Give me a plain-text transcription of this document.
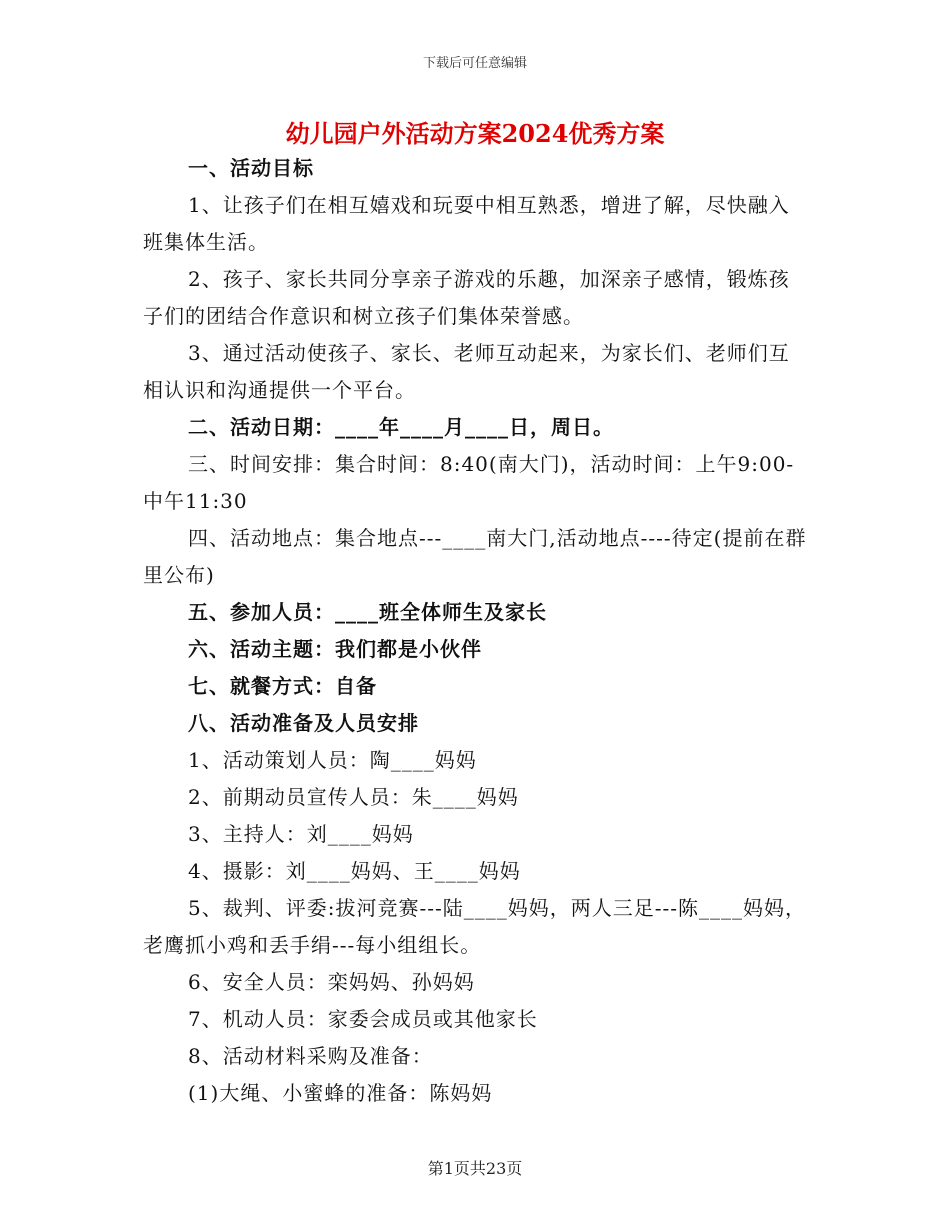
下载后可任意编辑
幼儿园户外活动方案2024优秀方案

一、活动目标

1、让孩子们在相互嬉戏和玩耍中相互熟悉，增进了解，尽快融入班集体生活。

2、孩子、家长共同分享亲子游戏的乐趣，加深亲子感情，锻炼孩子们的团结合作意识和树立孩子们集体荣誉感。

3、通过活动使孩子、家长、老师互动起来，为家长们、老师们互相认识和沟通提供一个平台。

二、活动日期：____年____月____日，周日。

三、时间安排：集合时间：8:40(南大门)，活动时间：上午9:00-中午11:30

四、活动地点：集合地点---____南大门,活动地点----待定(提前在群里公布)

五、参加人员：____班全体师生及家长

六、活动主题：我们都是小伙伴

七、就餐方式：自备

八、活动准备及人员安排

1、活动策划人员：陶____妈妈

2、前期动员宣传人员：朱____妈妈

3、主持人：刘____妈妈

4、摄影：刘____妈妈、王____妈妈

5、裁判、评委:拔河竞赛---陆____妈妈，两人三足---陈____妈妈，老鹰抓小鸡和丢手绢---每小组组长。

6、安全人员：栾妈妈、孙妈妈

7、机动人员：家委会成员或其他家长

8、活动材料采购及准备：

(1)大绳、小蜜蜂的准备：陈妈妈

第1页共23页
